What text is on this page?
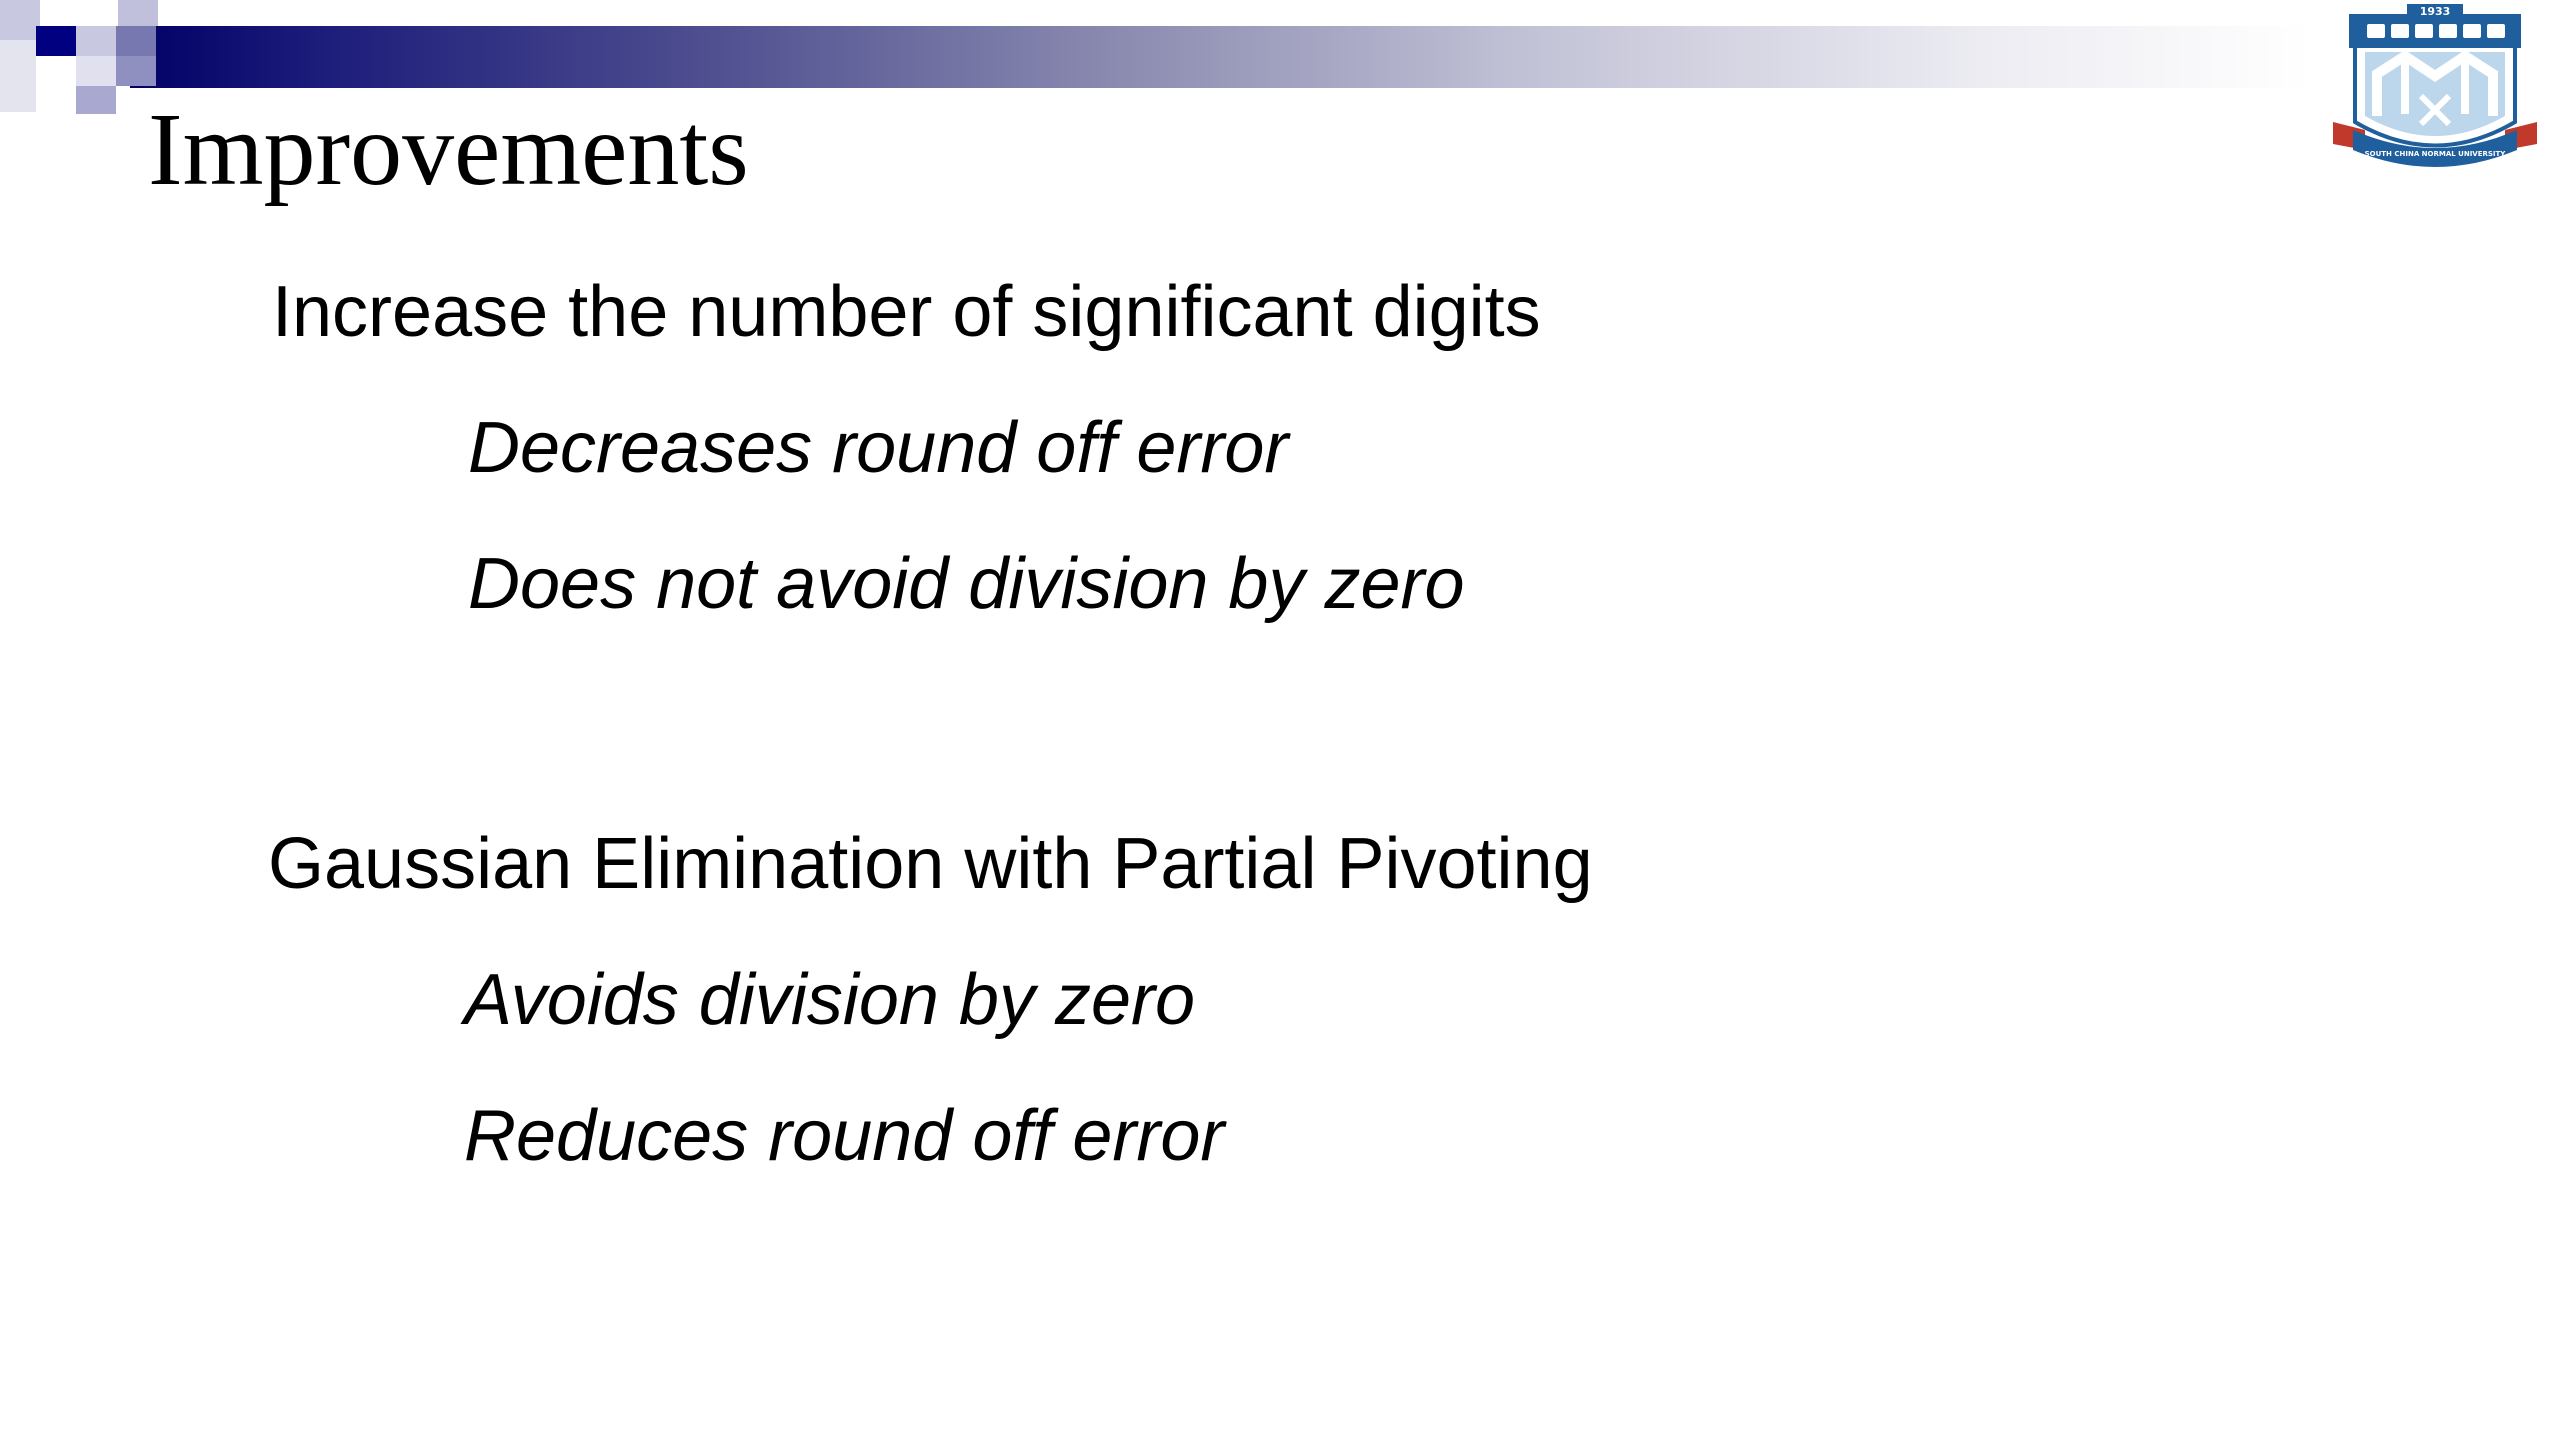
Improvements

Increase the number of significant digits

Decreases round off error

Does not avoid division by zero

Gaussian Elimination with Partial Pivoting

Avoids division by zero

Reduces round off error

1933
SOUTH CHINA NORMAL UNIVERSITY
